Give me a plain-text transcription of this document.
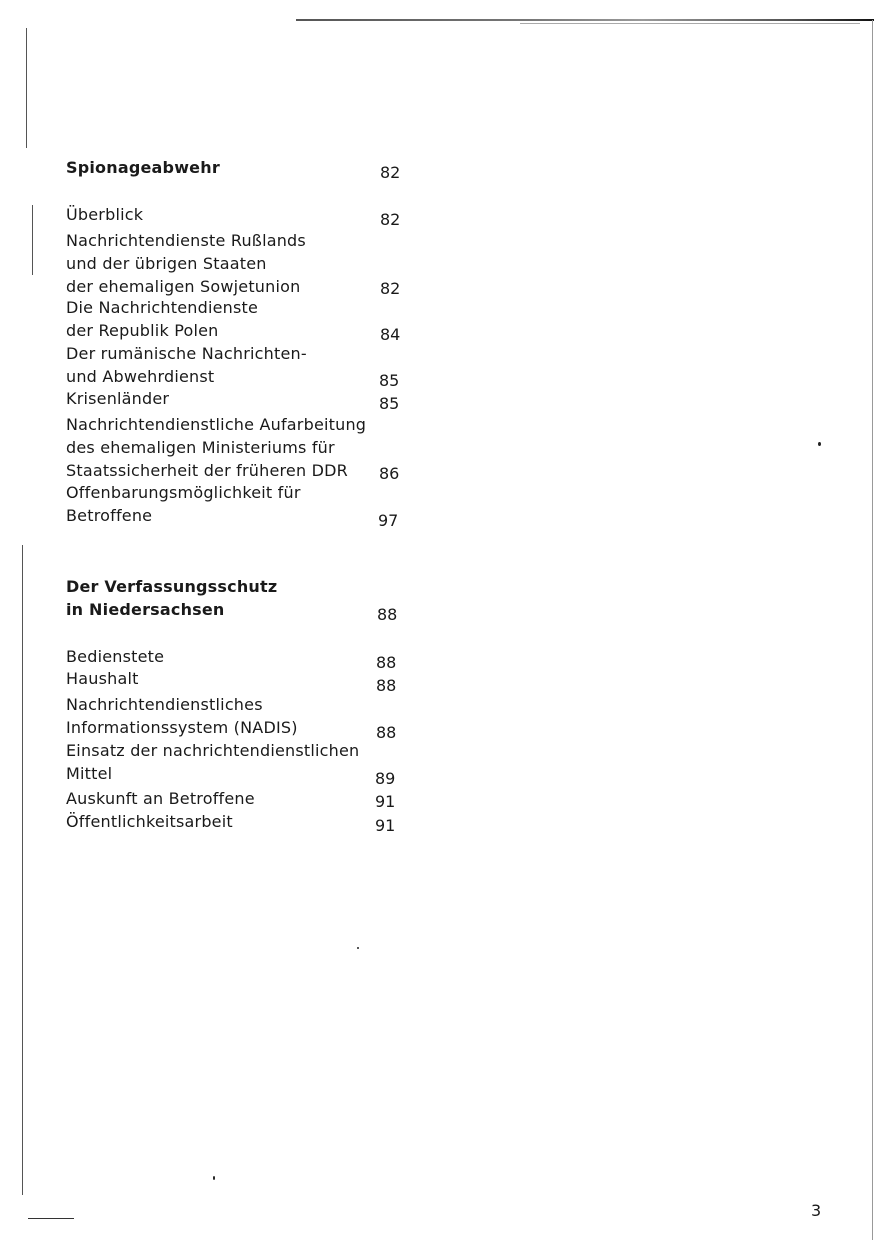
Spionageabwehr	82
Überblick	82
Nachrichtendienste Rußlands
und der übrigen Staaten
der ehemaligen Sowjetunion	82
Die Nachrichtendienste
der Republik Polen	84
Der rumänische Nachrichten-
und Abwehrdienst	85
Krisenländer	85
Nachrichtendienstliche Aufarbeitung
des ehemaligen Ministeriums für
Staatssicherheit der früheren DDR	86
Offenbarungsmöglichkeit für
Betroffene	97
Der Verfassungsschutz
in Niedersachsen	88
Bedienstete	88
Haushalt	88
Nachrichtendienstliches
Informationssystem (NADIS)	88
Einsatz der nachrichtendienstlichen
Mittel	89
Auskunft an Betroffene	91
Öffentlichkeitsarbeit	91
3
